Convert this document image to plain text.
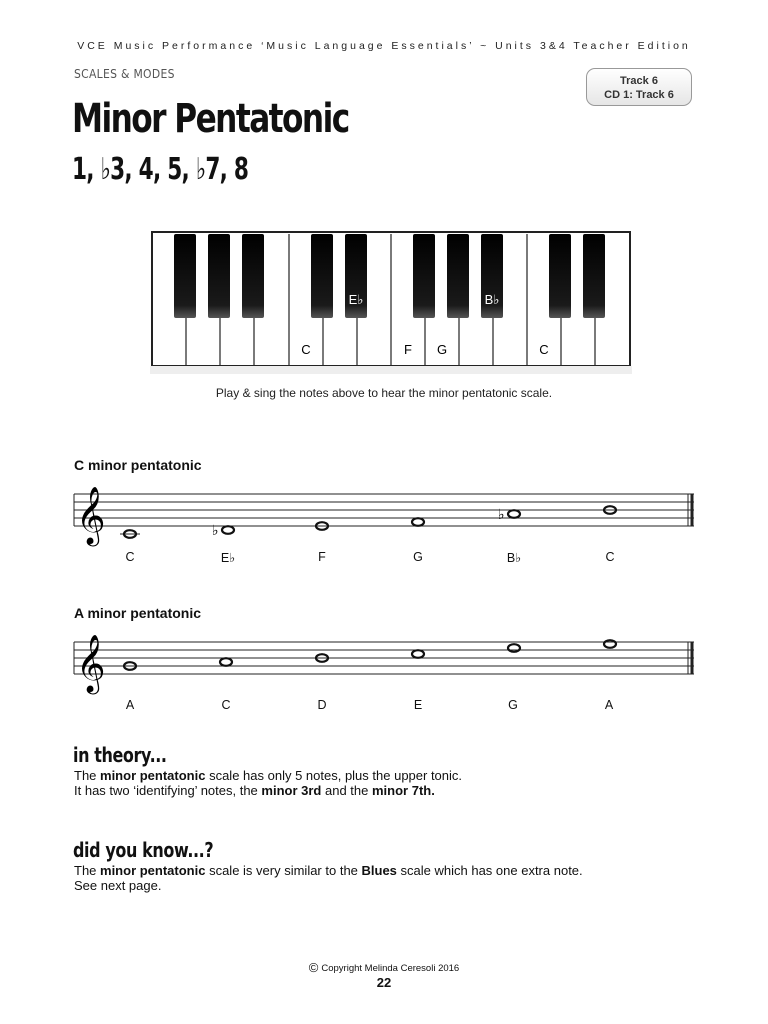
VCE Music Performance ‘Music Language Essentials’ ~ Units 3&4 Teacher Edition
SCALES & MODES	Track 6
CD 1: Track 6
Minor Pentatonic
1, ♭3, 4, 5, ♭7, 8
C	F G	C
E♭	B♭
Play & sing the notes above to hear the minor pentatonic scale.
C minor pentatonic
𝄞	♭
♭
C	E♭	F	G	B♭	C
A minor pentatonic
𝄞
A	C	D	E	G	A
in theory...
The minor pentatonic scale has only 5 notes, plus the upper tonic.
It has two ‘identifying’ notes, the minor 3rd and the minor 7th.
did you know...?
The minor pentatonic scale is very similar to the Blues scale which has one extra note.
See next page.
© Copyright Melinda Ceresoli 2016
22
